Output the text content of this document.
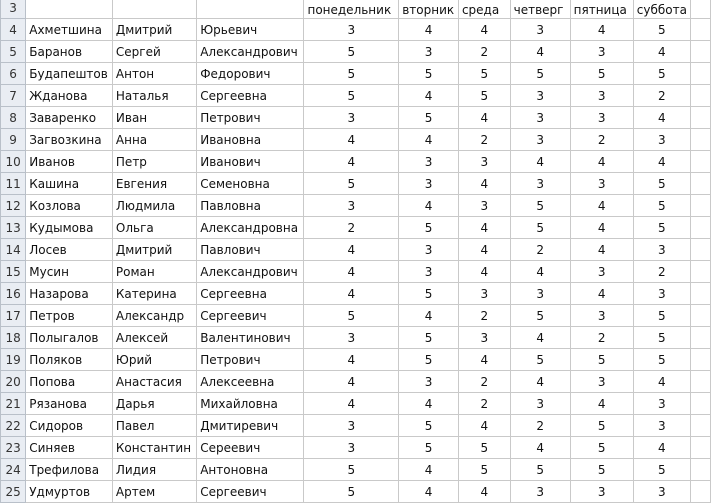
3				понедельник	вторник	среда	четверг	пятница	суббота	
4	Ахметшина	Дмитрий	Юрьевич	3	4	4	3	4	5	
5	Баранов	Сергей	Александрович	5	3	2	4	3	4	
6	Будапештов	Антон	Федорович	5	5	5	5	5	5	
7	Жданова	Наталья	Сергеевна	5	4	5	3	3	2	
8	Заваренко	Иван	Петрович	3	5	4	3	3	4	
9	Загвозкина	Анна	Ивановна	4	4	2	3	2	3	
10	Иванов	Петр	Иванович	4	3	3	4	4	4	
11	Кашина	Евгения	Семеновна	5	3	4	3	3	5	
12	Козлова	Людмила	Павловна	3	4	3	5	4	5	
13	Кудымова	Ольга	Александровна	2	5	4	5	4	5	
14	Лосев	Дмитрий	Павлович	4	3	4	2	4	3	
15	Мусин	Роман	Александрович	4	3	4	4	3	2	
16	Назарова	Катерина	Сергеевна	4	5	3	3	4	3	
17	Петров	Александр	Сергеевич	5	4	2	5	3	5	
18	Полыгалов	Алексей	Валентинович	3	5	3	4	2	5	
19	Поляков	Юрий	Петрович	4	5	4	5	5	5	
20	Попова	Анастасия	Алексеевна	4	3	2	4	3	4	
21	Рязанова	Дарья	Михайловна	4	4	2	3	4	3	
22	Сидоров	Павел	Дмитиревич	3	5	4	2	5	3	
23	Синяев	Константин	Сереевич	3	5	5	4	5	4	
24	Трефилова	Лидия	Антоновна	5	4	5	5	5	5	
25	Удмуртов	Артем	Сергеевич	5	4	4	3	3	3	
